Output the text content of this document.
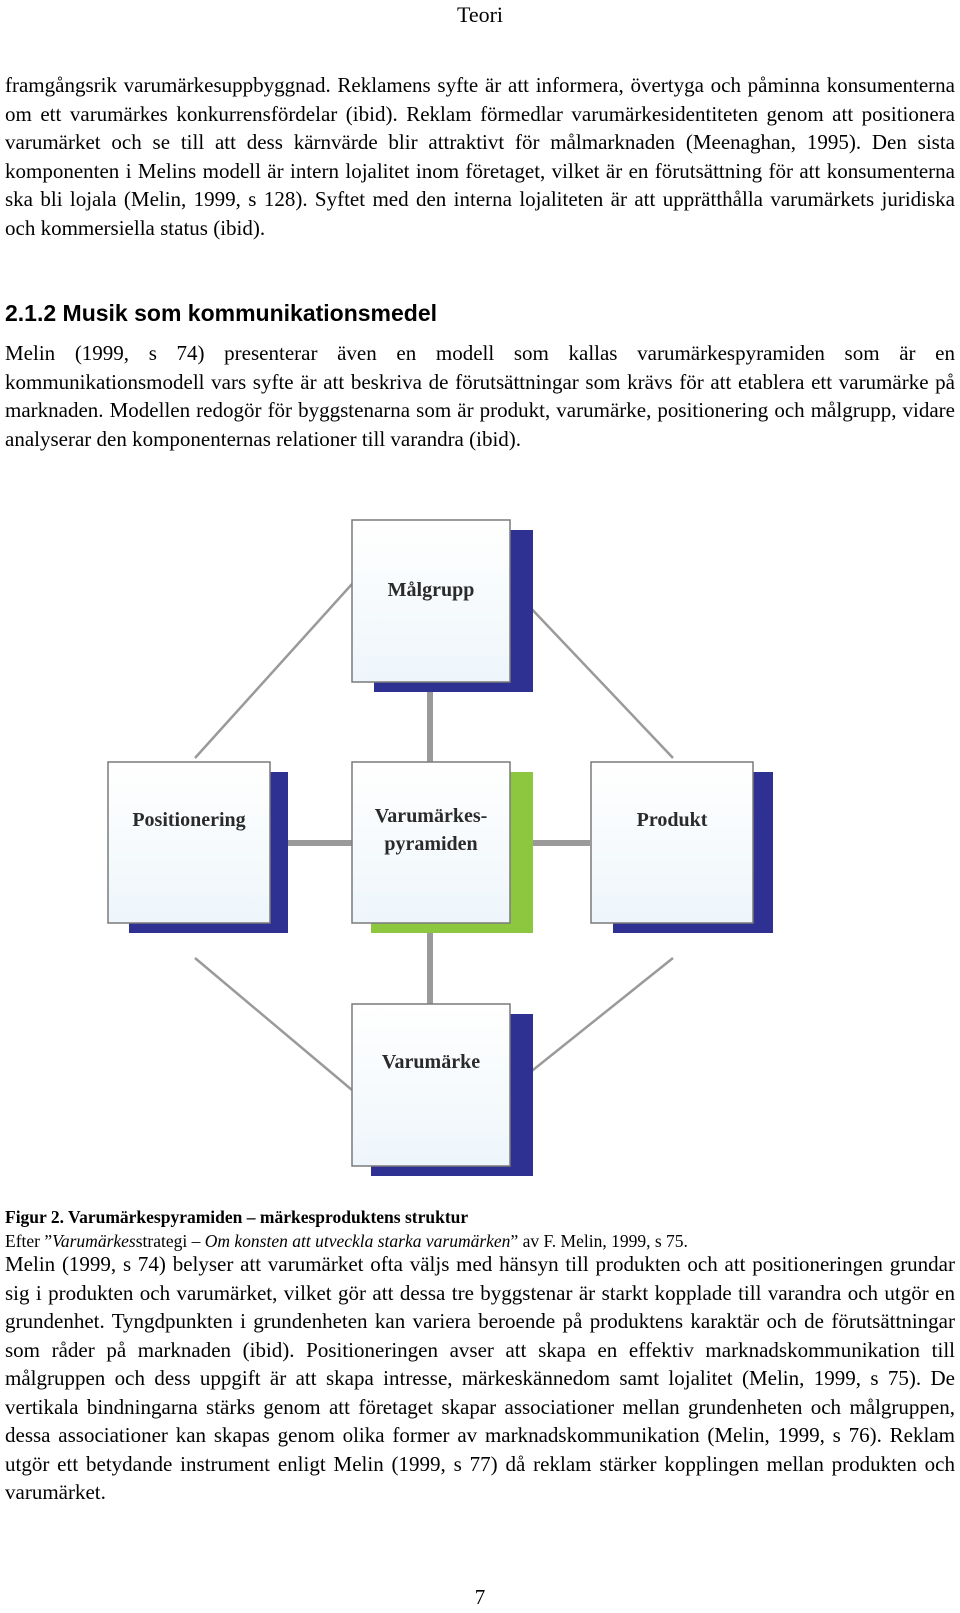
Teori

framgångsrik varumärkesuppbyggnad. Reklamens syfte är att informera, övertyga och påminna konsumenterna om ett varumärkes konkurrensfördelar (ibid). Reklam förmedlar varumärkesidentiteten genom att positionera varumärket och se till att dess kärnvärde blir attraktivt för målmarknaden (Meenaghan, 1995). Den sista komponenten i Melins modell är intern lojalitet inom företaget, vilket är en förutsättning för att konsumenterna ska bli lojala (Melin, 1999, s 128). Syftet med den interna lojaliteten är att upprätthålla varumärkets juridiska och kommersiella status (ibid).

2.1.2 Musik som kommunikationsmedel

Melin (1999, s 74) presenterar även en modell som kallas varumärkespyramiden som är en kommunikationsmodell vars syfte är att beskriva de förutsättningar som krävs för att etablera ett varumärke på marknaden. Modellen redogör för byggstenarna som är produkt, varumärke, positionering och målgrupp, vidare analyserar den komponenternas relationer till varandra (ibid).

Målgrupp
Positionering	Varumärkes-
pyramiden
Produkt
Varumärke
Figur 2. Varumärkespyramiden – märkesproduktens struktur
Efter ”Varumärkesstrategi – Om konsten att utveckla starka varumärken” av F. Melin, 1999, s 75.

Melin (1999, s 74) belyser att varumärket ofta väljs med hänsyn till produkten och att positioneringen grundar sig i produkten och varumärket, vilket gör att dessa tre byggstenar är starkt kopplade till varandra och utgör en grundenhet. Tyngdpunkten i grundenheten kan variera beroende på produktens karaktär och de förutsättningar som råder på marknaden (ibid). Positioneringen avser att skapa en effektiv marknadskommunikation till målgruppen och dess uppgift är att skapa intresse, märkeskännedom samt lojalitet (Melin, 1999, s 75). De vertikala bindningarna stärks genom att företaget skapar associationer mellan grundenheten och målgruppen, dessa associationer kan skapas genom olika former av marknadskommunikation (Melin, 1999, s 76). Reklam utgör ett betydande instrument enligt Melin (1999, s 77) då reklam stärker kopplingen mellan produkten och varumärket.

7
